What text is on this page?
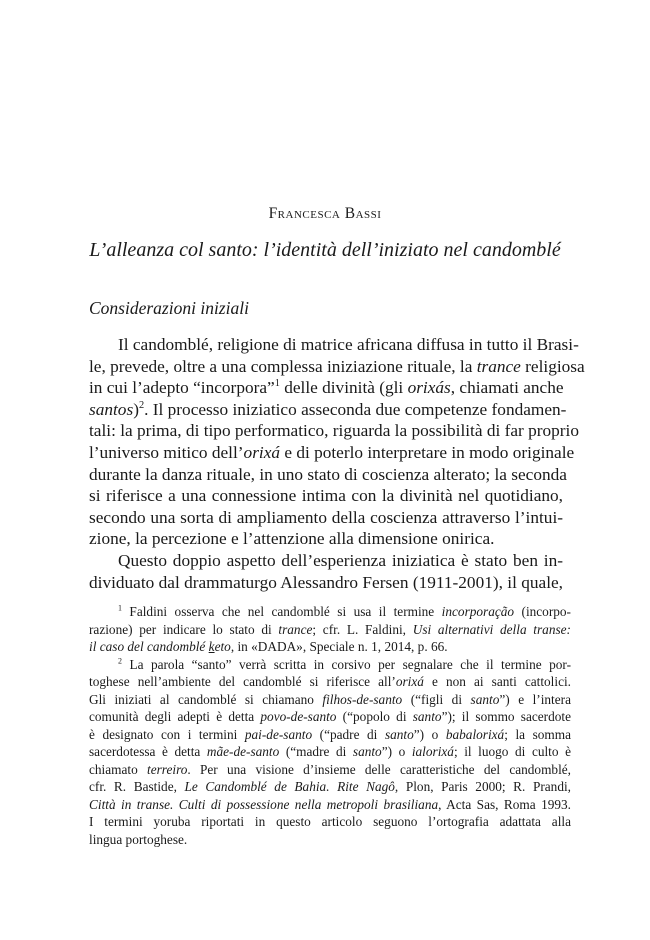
Francesca Bassi
L’alleanza col santo: l’identità dell’iniziato nel candomblé
Considerazioni iniziali
Il candomblé, religione di matrice africana diffusa in tutto il Brasi-
le, prevede, oltre a una complessa iniziazione rituale, la trance religiosa
in cui l’adepto “incorpora”$^1$ delle divinità (gli orixás, chiamati anche
santos)$^2$. Il processo iniziatico asseconda due competenze fondamen-
tali: la prima, di tipo performatico, riguarda la possibilità di far proprio
l’universo mitico dell’orixá e di poterlo interpretare in modo originale
durante la danza rituale, in uno stato di coscienza alterato; la seconda
si riferisce a una connessione intima con la divinità nel quotidiano,
secondo una sorta di ampliamento della coscienza attraverso l’intui-
zione, la percezione e l’attenzione alla dimensione onirica.
Questo doppio aspetto dell’esperienza iniziatica è stato ben in-
dividuato dal drammaturgo Alessandro Fersen (1911-2001), il quale,
$^1$ Faldini osserva che nel candomblé si usa il termine incorporação (incorpo-
razione) per indicare lo stato di trance; cfr. L. Faldini, Usi alternativi della transe:
il caso del candomblé keto, in «DADA», Speciale n. 1, 2014, p. 66.
$^2$ La parola “santo” verrà scritta in corsivo per segnalare che il termine por-
toghese nell’ambiente del candomblé si riferisce all’orixá e non ai santi cattolici.
Gli iniziati al candomblé si chiamano filhos-de-santo (“figli di santo”) e l’intera
comunità degli adepti è detta povo-de-santo (“popolo di santo”); il sommo sacerdote
è designato con i termini pai-de-santo (“padre di santo”) o babalorixá; la somma
sacerdotessa è detta mãe-de-santo (“madre di santo”) o ialorixá; il luogo di culto è
chiamato terreiro. Per una visione d’insieme delle caratteristiche del candomblé,
cfr. R. Bastide, Le Candomblé de Bahia. Rite Nagô, Plon, Paris 2000; R. Prandi,
Città in transe. Culti di possessione nella metropoli brasiliana, Acta Sas, Roma 1993.
I termini yoruba riportati in questo articolo seguono l’ortografia adattata alla
lingua portoghese.
